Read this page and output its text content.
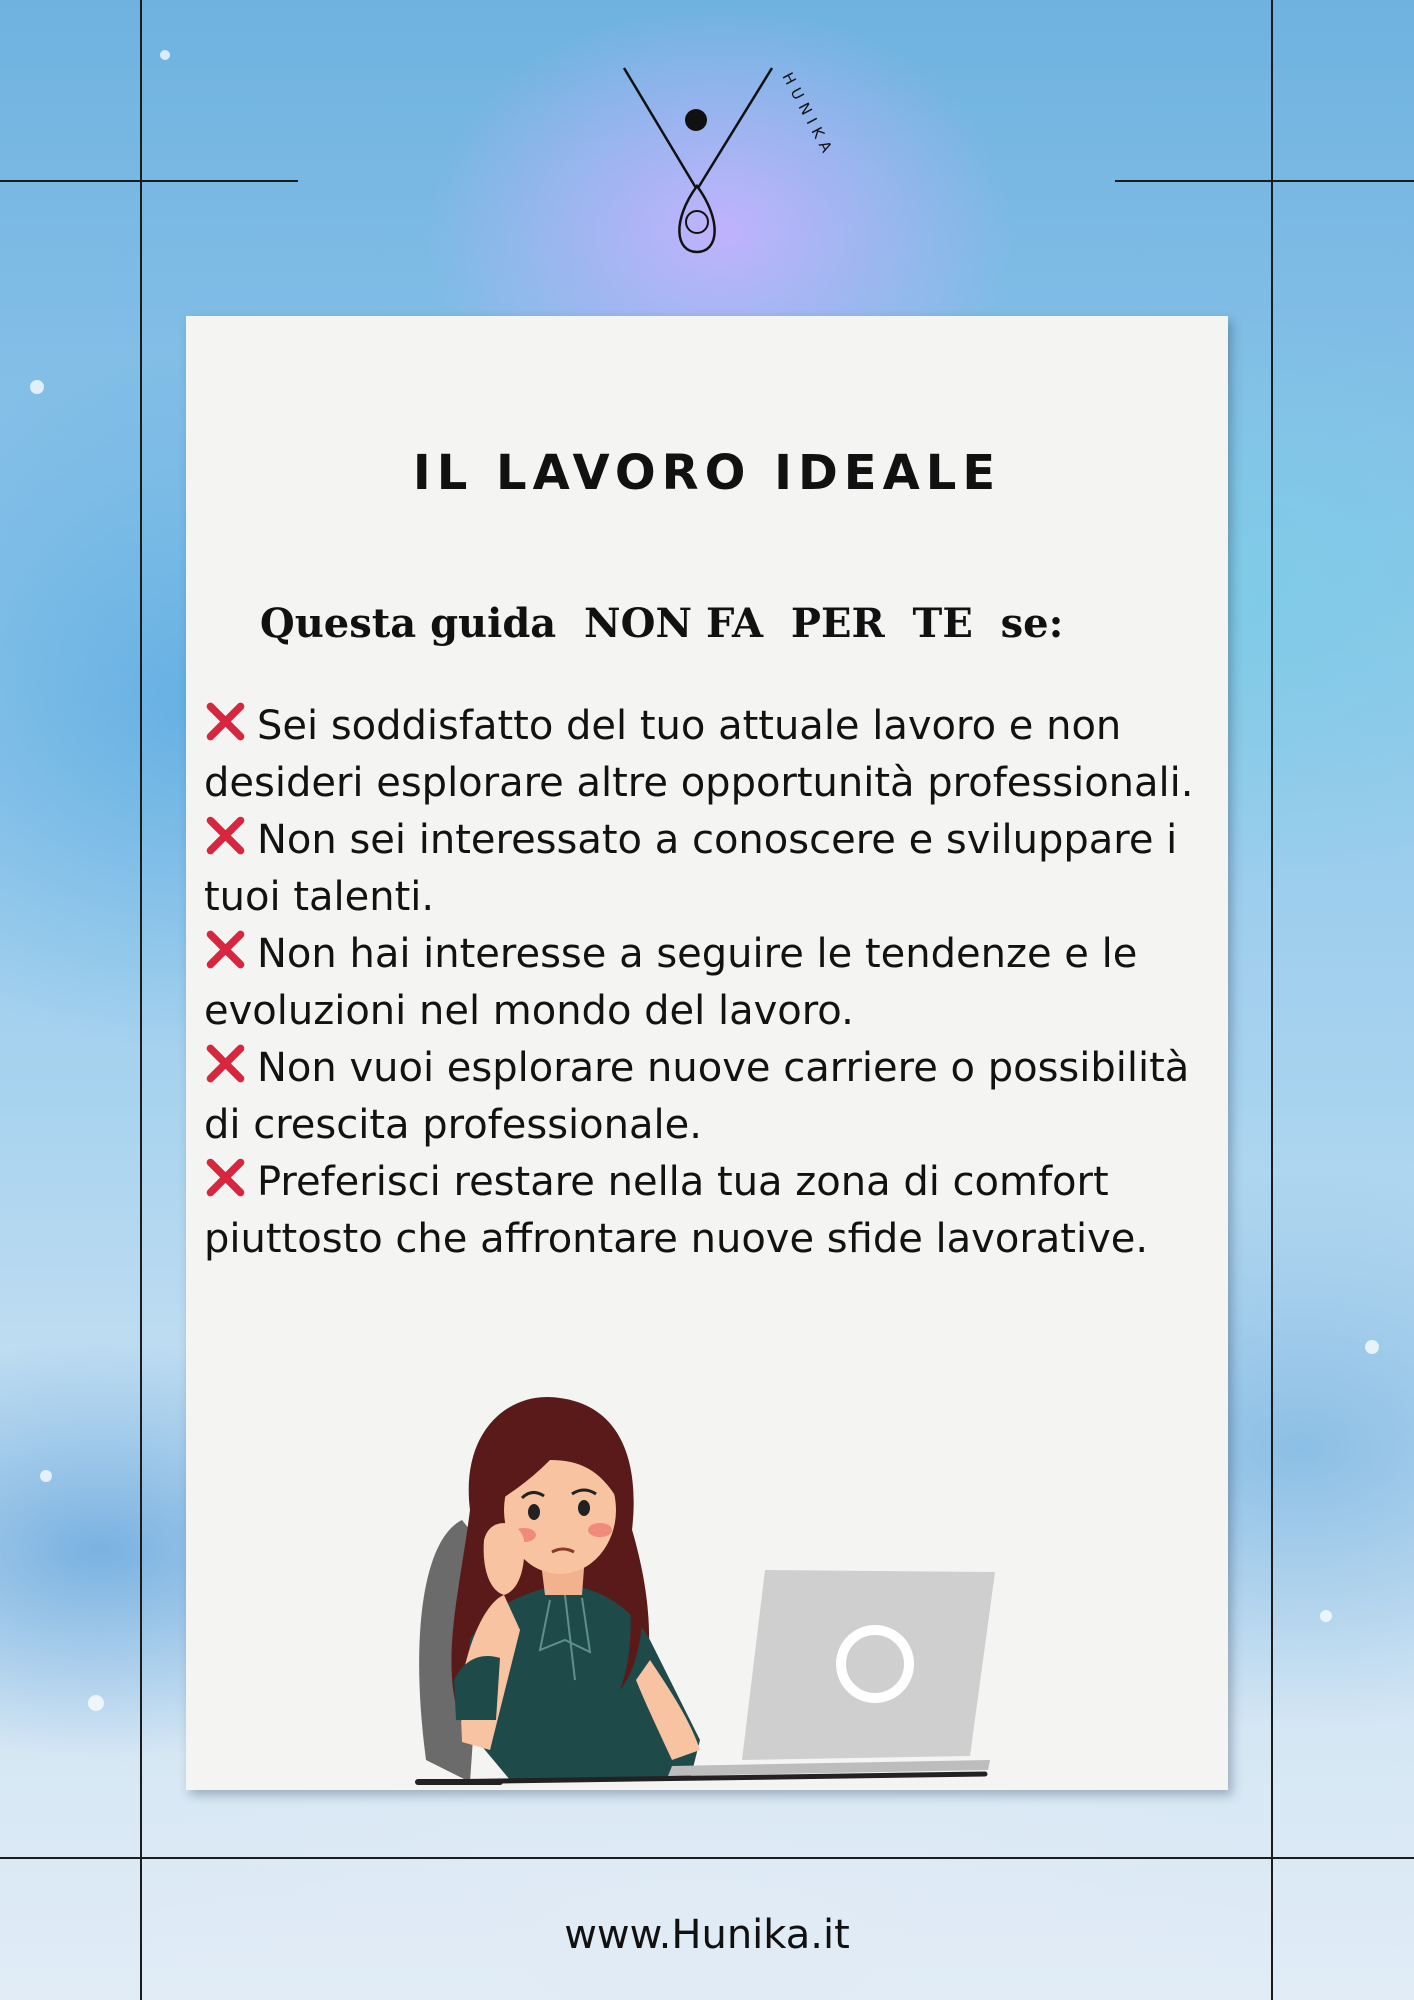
HUNIKA
IL LAVORO IDEALE
Questa guida  NON FA  PER  TE  se:
Sei soddisfatto del tuo attuale lavoro e non desideri esplorare altre opportunità professionali.
Non sei interessato a conoscere e sviluppare i tuoi talenti.
Non hai interesse a seguire le tendenze e le evoluzioni nel mondo del lavoro.
Non vuoi esplorare nuove carriere o possibilità di crescita professionale.
Preferisci restare nella tua zona di comfort piuttosto che affrontare nuove sfide lavorative.
www.Hunika.it
